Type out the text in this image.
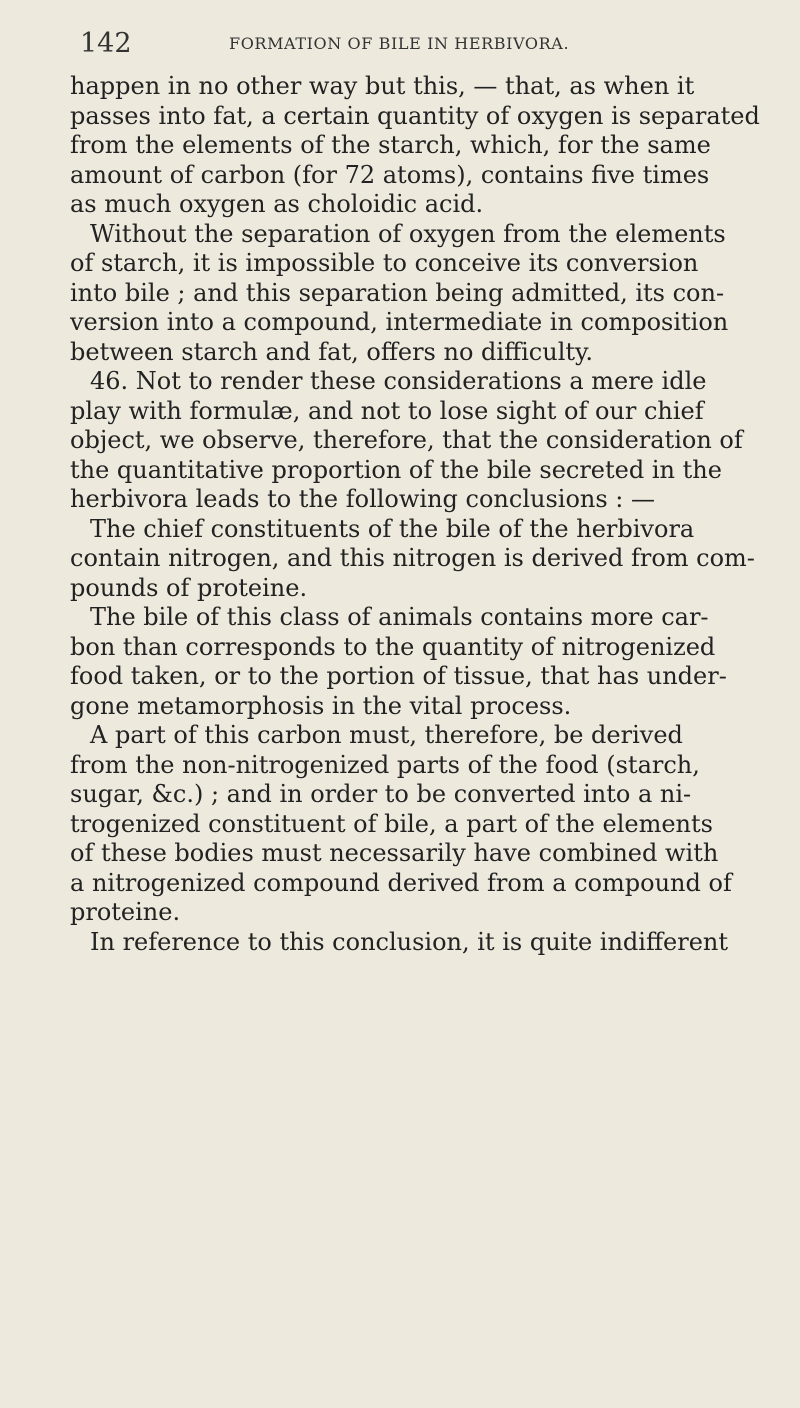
142	FORMATION OF BILE IN HERBIVORA.
happen in no other way but this, — that, as when it
passes into fat, a certain quantity of oxygen is separated
from the elements of the starch, which, for the same
amount of carbon (for 72 atoms), contains five times
as much oxygen as choloidic acid.
Without the separation of oxygen from the elements
of starch, it is impossible to conceive its conversion
into bile ; and this separation being admitted, its con-
version into a compound, intermediate in composition
between starch and fat, offers no difficulty.
46. Not to render these considerations a mere idle
play with formulæ, and not to lose sight of our chief
object, we observe, therefore, that the consideration of
the quantitative proportion of the bile secreted in the
herbivora leads to the following conclusions : —
The chief constituents of the bile of the herbivora
contain nitrogen, and this nitrogen is derived from com-
pounds of proteine.
The bile of this class of animals contains more car-
bon than corresponds to the quantity of nitrogenized
food taken, or to the portion of tissue, that has under-
gone metamorphosis in the vital process.
A part of this carbon must, therefore, be derived
from the non-nitrogenized parts of the food (starch,
sugar, &c.) ; and in order to be converted into a ni-
trogenized constituent of bile, a part of the elements
of these bodies must necessarily have combined with
a nitrogenized compound derived from a compound of
proteine.
In reference to this conclusion, it is quite indifferent
